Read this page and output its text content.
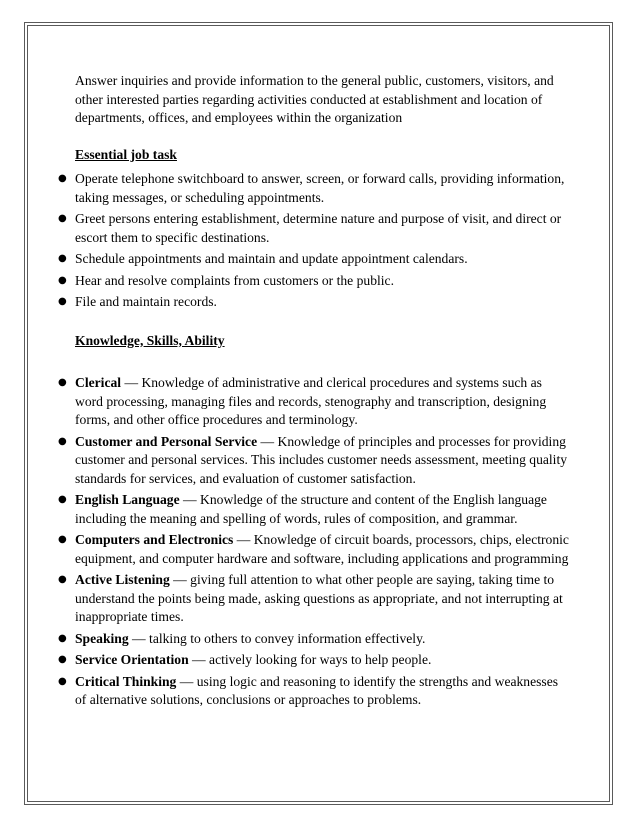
Answer inquiries and provide information to the general public, customers, visitors, and other interested parties regarding activities conducted at establishment and location of departments, offices, and employees within the organization

Essential job task

● Operate telephone switchboard to answer, screen, or forward calls, providing information, taking messages, or scheduling appointments.
● Greet persons entering establishment, determine nature and purpose of visit, and direct or escort them to specific destinations.
● Schedule appointments and maintain and update appointment calendars.
● Hear and resolve complaints from customers or the public.
● File and maintain records.

Knowledge, Skills, Ability

● Clerical — Knowledge of administrative and clerical procedures and systems such as word processing, managing files and records, stenography and transcription, designing forms, and other office procedures and terminology.
● Customer and Personal Service — Knowledge of principles and processes for providing customer and personal services. This includes customer needs assessment, meeting quality standards for services, and evaluation of customer satisfaction.
● English Language — Knowledge of the structure and content of the English language including the meaning and spelling of words, rules of composition, and grammar.
● Computers and Electronics — Knowledge of circuit boards, processors, chips, electronic equipment, and computer hardware and software, including applications and programming
● Active Listening — giving full attention to what other people are saying, taking time to understand the points being made, asking questions as appropriate, and not interrupting at inappropriate times.
● Speaking — talking to others to convey information effectively.
● Service Orientation — actively looking for ways to help people.
● Critical Thinking — using logic and reasoning to identify the strengths and weaknesses of alternative solutions, conclusions or approaches to problems.
